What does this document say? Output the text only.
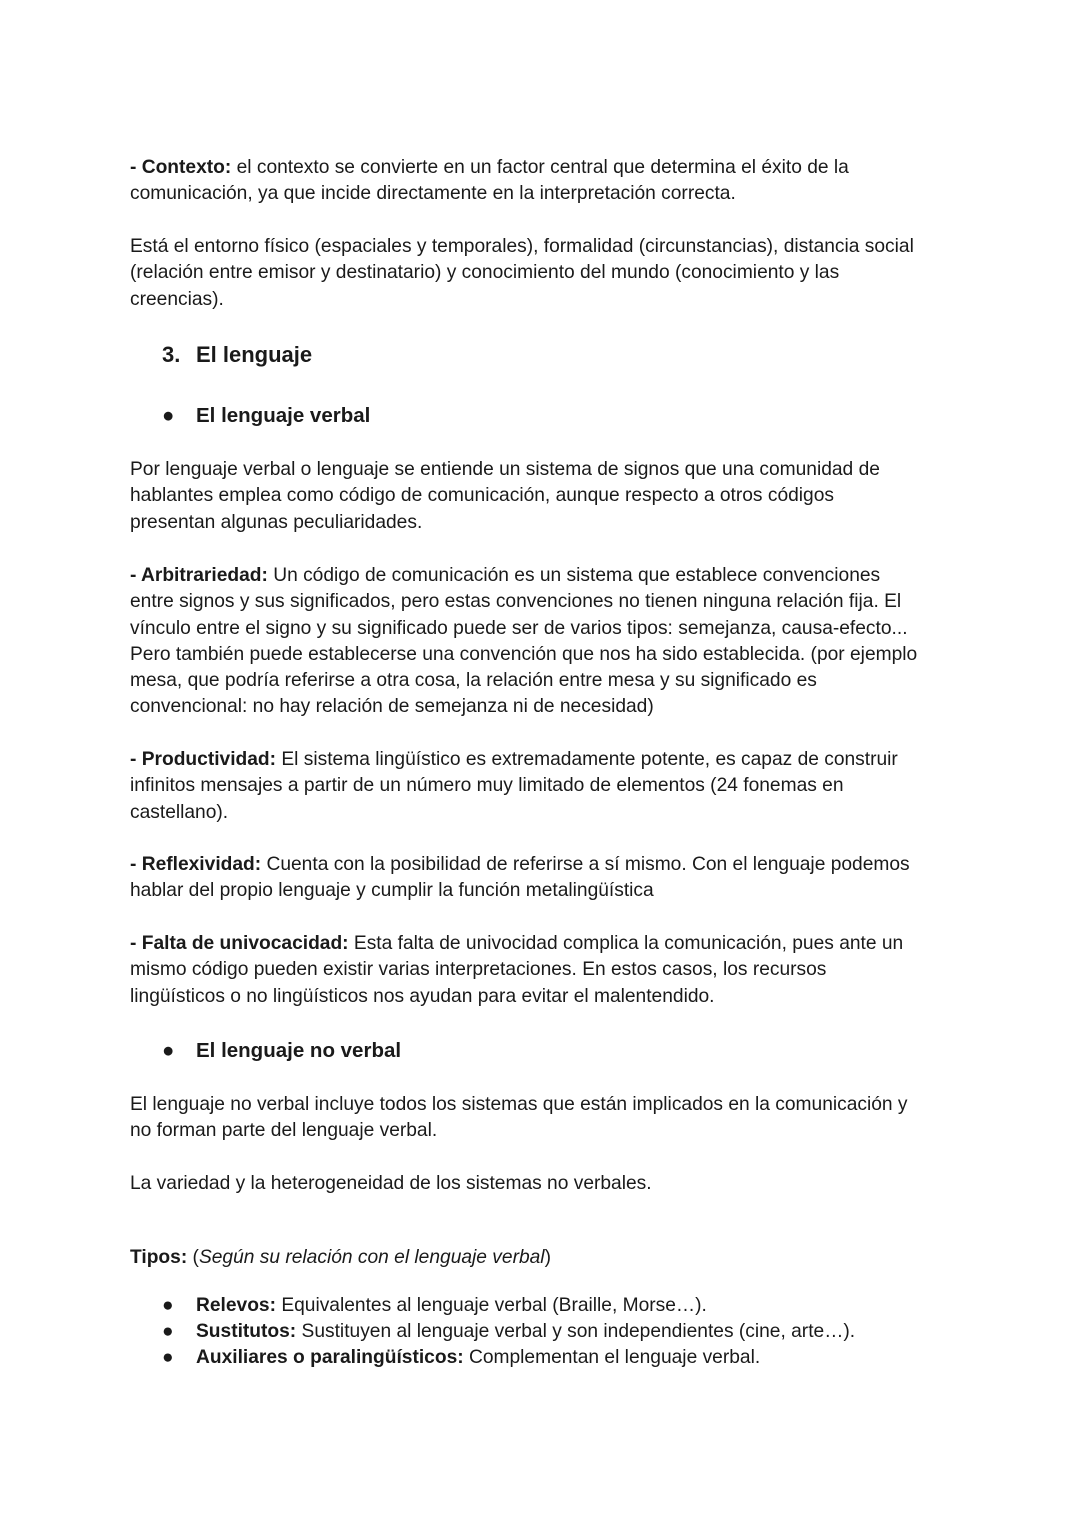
- Contexto: el contexto se convierte en un factor central que determina el éxito de la
comunicación, ya que incide directamente en la interpretación correcta.
Está el entorno físico (espaciales y temporales), formalidad (circunstancias), distancia social
(relación entre emisor y destinatario) y conocimiento del mundo (conocimiento y las
creencias).
3. El lenguaje
● El lenguaje verbal
Por lenguaje verbal o lenguaje se entiende un sistema de signos que una comunidad de
hablantes emplea como código de comunicación, aunque respecto a otros códigos
presentan algunas peculiaridades.
- Arbitrariedad: Un código de comunicación es un sistema que establece convenciones
entre signos y sus significados, pero estas convenciones no tienen ninguna relación fija. El
vínculo entre el signo y su significado puede ser de varios tipos: semejanza, causa-efecto...
Pero también puede establecerse una convención que nos ha sido establecida. (por ejemplo
mesa, que podría referirse a otra cosa, la relación entre mesa y su significado es
convencional: no hay relación de semejanza ni de necesidad)
- Productividad: El sistema lingüístico es extremadamente potente, es capaz de construir
infinitos mensajes a partir de un número muy limitado de elementos (24 fonemas en
castellano).
- Reflexividad: Cuenta con la posibilidad de referirse a sí mismo. Con el lenguaje podemos
hablar del propio lenguaje y cumplir la función metalingüística
- Falta de univocacidad: Esta falta de univocidad complica la comunicación, pues ante un
mismo código pueden existir varias interpretaciones. En estos casos, los recursos
lingüísticos o no lingüísticos nos ayudan para evitar el malentendido.
● El lenguaje no verbal
El lenguaje no verbal incluye todos los sistemas que están implicados en la comunicación y
no forman parte del lenguaje verbal.
La variedad y la heterogeneidad de los sistemas no verbales.
Tipos: (Según su relación con el lenguaje verbal)
● Relevos: Equivalentes al lenguaje verbal (Braille, Morse…).
● Sustitutos: Sustituyen al lenguaje verbal y son independientes (cine, arte…).
● Auxiliares o paralingüísticos: Complementan el lenguaje verbal.
